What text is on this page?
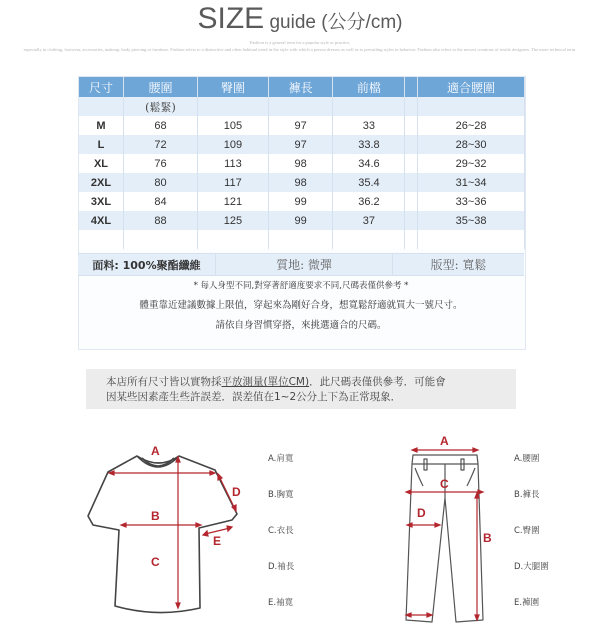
SIZE guide (公分/cm)
Fashion is a general term for a popular style or practice,
especially in clothing, footwear, accessories, makeup, body piercing or furniture. Fashion refers to a distinctive and often habitual trend in the style with which a person dresses as well as to prevailing styles in behavior. Fashion also refers to the newest creations of textile designers. The more technical term.
尺寸	腰圍	臀圍	褲長	前檔		適合腰圍
	(鬆緊)					
M	68	105	97	33		26~28
L	72	109	97	33.8		28~30
XL	76	113	98	34.6		29~32
2XL	80	117	98	35.4		31~34
3XL	84	121	99	36.2		33~36
4XL	88	125	99	37		35~38

面料: 100%聚酯纖維	質地: 微彈	版型: 寬鬆
* 每人身型不同,對穿著舒適度要求不同,尺碼表僅供參考 *
體重靠近建議數據上限值，穿起來為剛好合身，想寬鬆舒適就買大一號尺寸。
請依自身習慣穿搭，來挑選適合的尺碼。
本店所有尺寸皆以實物採平放測量(單位CM)．此尺碼表僅供參考．可能會
因某些因素產生些許誤差．誤差值在1~2公分上下為正常現象．
A
B
C
D
E
A.肩寬
B.胸寬
C.衣長
D.袖長
E.袖寬
A
C
D
B
A.腰圍
B.褲長
C.臀圍
D.大腿圍
E.褲圍
